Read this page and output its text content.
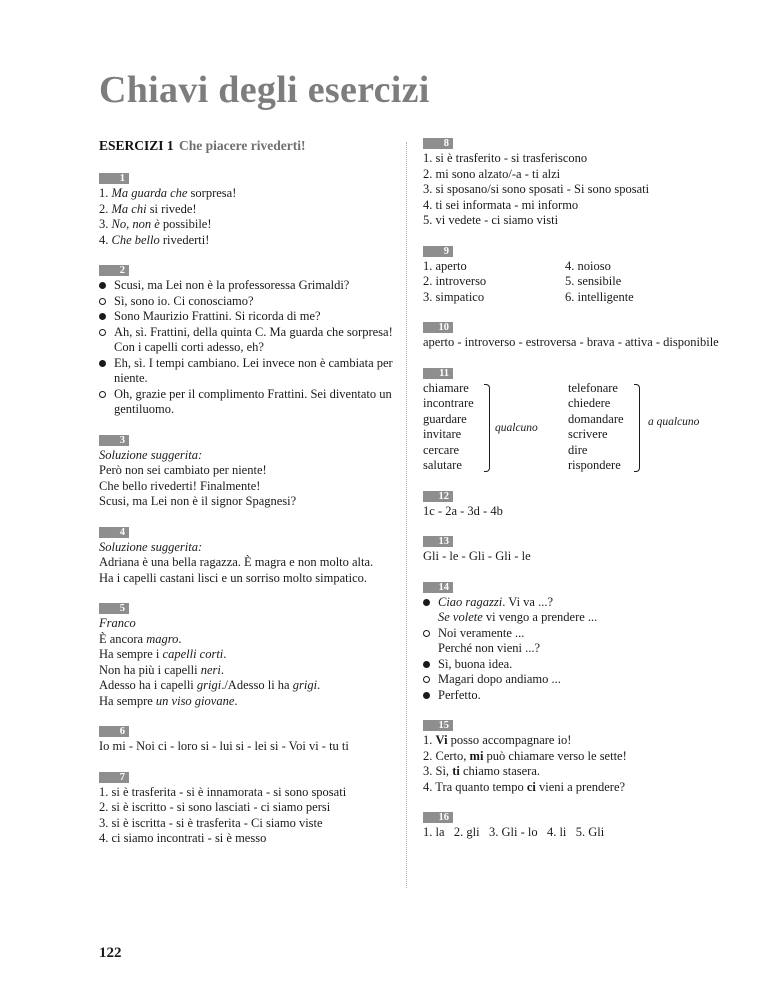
Chiavi degli esercizi
ESERCIZI 1 Che piacere rivederti!
1
1. Ma guarda che sorpresa!
2. Ma chi si rivede!
3. No, non è possibile!
4. Che bello rivederti!
2
Scusi, ma Lei non è la professoressa Grimaldi?
Sì, sono io. Ci conosciamo?
Sono Maurizio Frattini. Si ricorda di me?
Ah, sì. Frattini, della quinta C. Ma guarda che sorpresa! Con i capelli corti adesso, eh?
Eh, sì. I tempi cambiano. Lei invece non è cambiata per niente.
Oh, grazie per il complimento Frattini. Sei diventato un gentiluomo.
3
Soluzione suggerita:
Però non sei cambiato per niente!
Che bello rivederti! Finalmente!
Scusi, ma Lei non è il signor Spagnesi?
4
Soluzione suggerita:
Adriana è una bella ragazza. È magra e non molto alta.
Ha i capelli castani lisci e un sorriso molto simpatico.
5
Franco
È ancora magro.
Ha sempre i capelli corti.
Non ha più i capelli neri.
Adesso ha i capelli grigi./Adesso li ha grigi.
Ha sempre un viso giovane.
6
Io mi - Noi ci - loro si - lui si - lei si - Voi vi - tu ti
7
1. si è trasferita - si è innamorata - si sono sposati
2. si è iscritto - si sono lasciati - ci siamo persi
3. si è iscritta - si è trasferita - Ci siamo viste
4. ci siamo incontrati - si è messo
8
1. si è trasferito - si trasferiscono
2. mi sono alzato/-a - ti alzi
3. si sposano/si sono sposati - Si sono sposati
4. ti sei informata - mi informo
5. vi vedete - ci siamo visti
9
1. aperto
2. introverso
3. simpatico
4. noioso
5. sensibile
6. intelligente
10
aperto - introverso - estroversa - brava - attiva - disponibile
11
chiamare
incontrare
guardare
invitare
cercare
salutare
qualcuno
telefonare
chiedere
domandare
scrivere
dire
rispondere
a qualcuno
12
1c - 2a - 3d - 4b
13
Gli - le - Gli - Gli - le
14
Ciao ragazzi. Vi va ...?
Se volete vi vengo a prendere ...
Noi veramente ...
Perché non vieni ...?
Sì, buona idea.
Magari dopo andiamo ...
Perfetto.
15
1. Vi posso accompagnare io!
2. Certo, mi può chiamare verso le sette!
3. Sì, ti chiamo stasera.
4. Tra quanto tempo ci vieni a prendere?
16
1. la   2. gli   3. Gli - lo   4. li   5. Gli
122
